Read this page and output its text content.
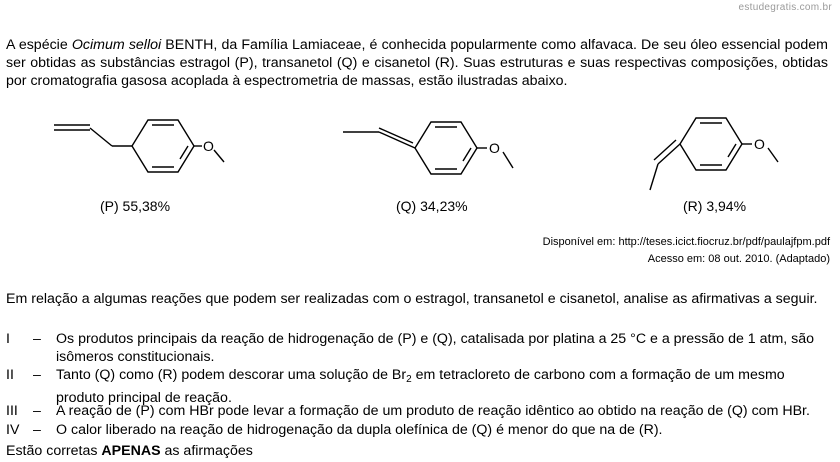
estudegratis.com.br
A espécie Ocimum selloi BENTH, da Família Lamiaceae, é conhecida popularmente como alfavaca. De seu óleo essencial podem ser obtidas as substâncias estragol (P), transanetol (Q) e cisanetol (R). Suas estruturas e suas respectivas composições, obtidas por cromatografia gasosa acoplada à espectrometria de massas, estão ilustradas abaixo.
O
(P) 55,38%
O
(Q) 34,23%
O
(R) 3,94%
Disponível em: http://teses.icict.fiocruz.br/pdf/paulajfpm.pdf
Acesso em: 08 out. 2010. (Adaptado)
Em relação a algumas reações que podem ser realizadas com o estragol, transanetol e cisanetol, analise as afirmativas a seguir.
I	– Os produtos principais da reação de hidrogenação de (P) e (Q), catalisada por platina a 25 °C e a pressão de 1 atm, são isômeros constitucionais.
II	– Tanto (Q) como (R) podem descorar uma solução de $Br_2$ em tetracloreto de carbono com a formação de um mesmo produto principal de reação.
III	– A reação de (P) com HBr pode levar a formação de um produto de reação idêntico ao obtido na reação de (Q) com HBr.
IV – O calor liberado na reação de hidrogenação da dupla olefínica de (Q) é menor do que na de (R).
Estão corretas APENAS as afirmações
